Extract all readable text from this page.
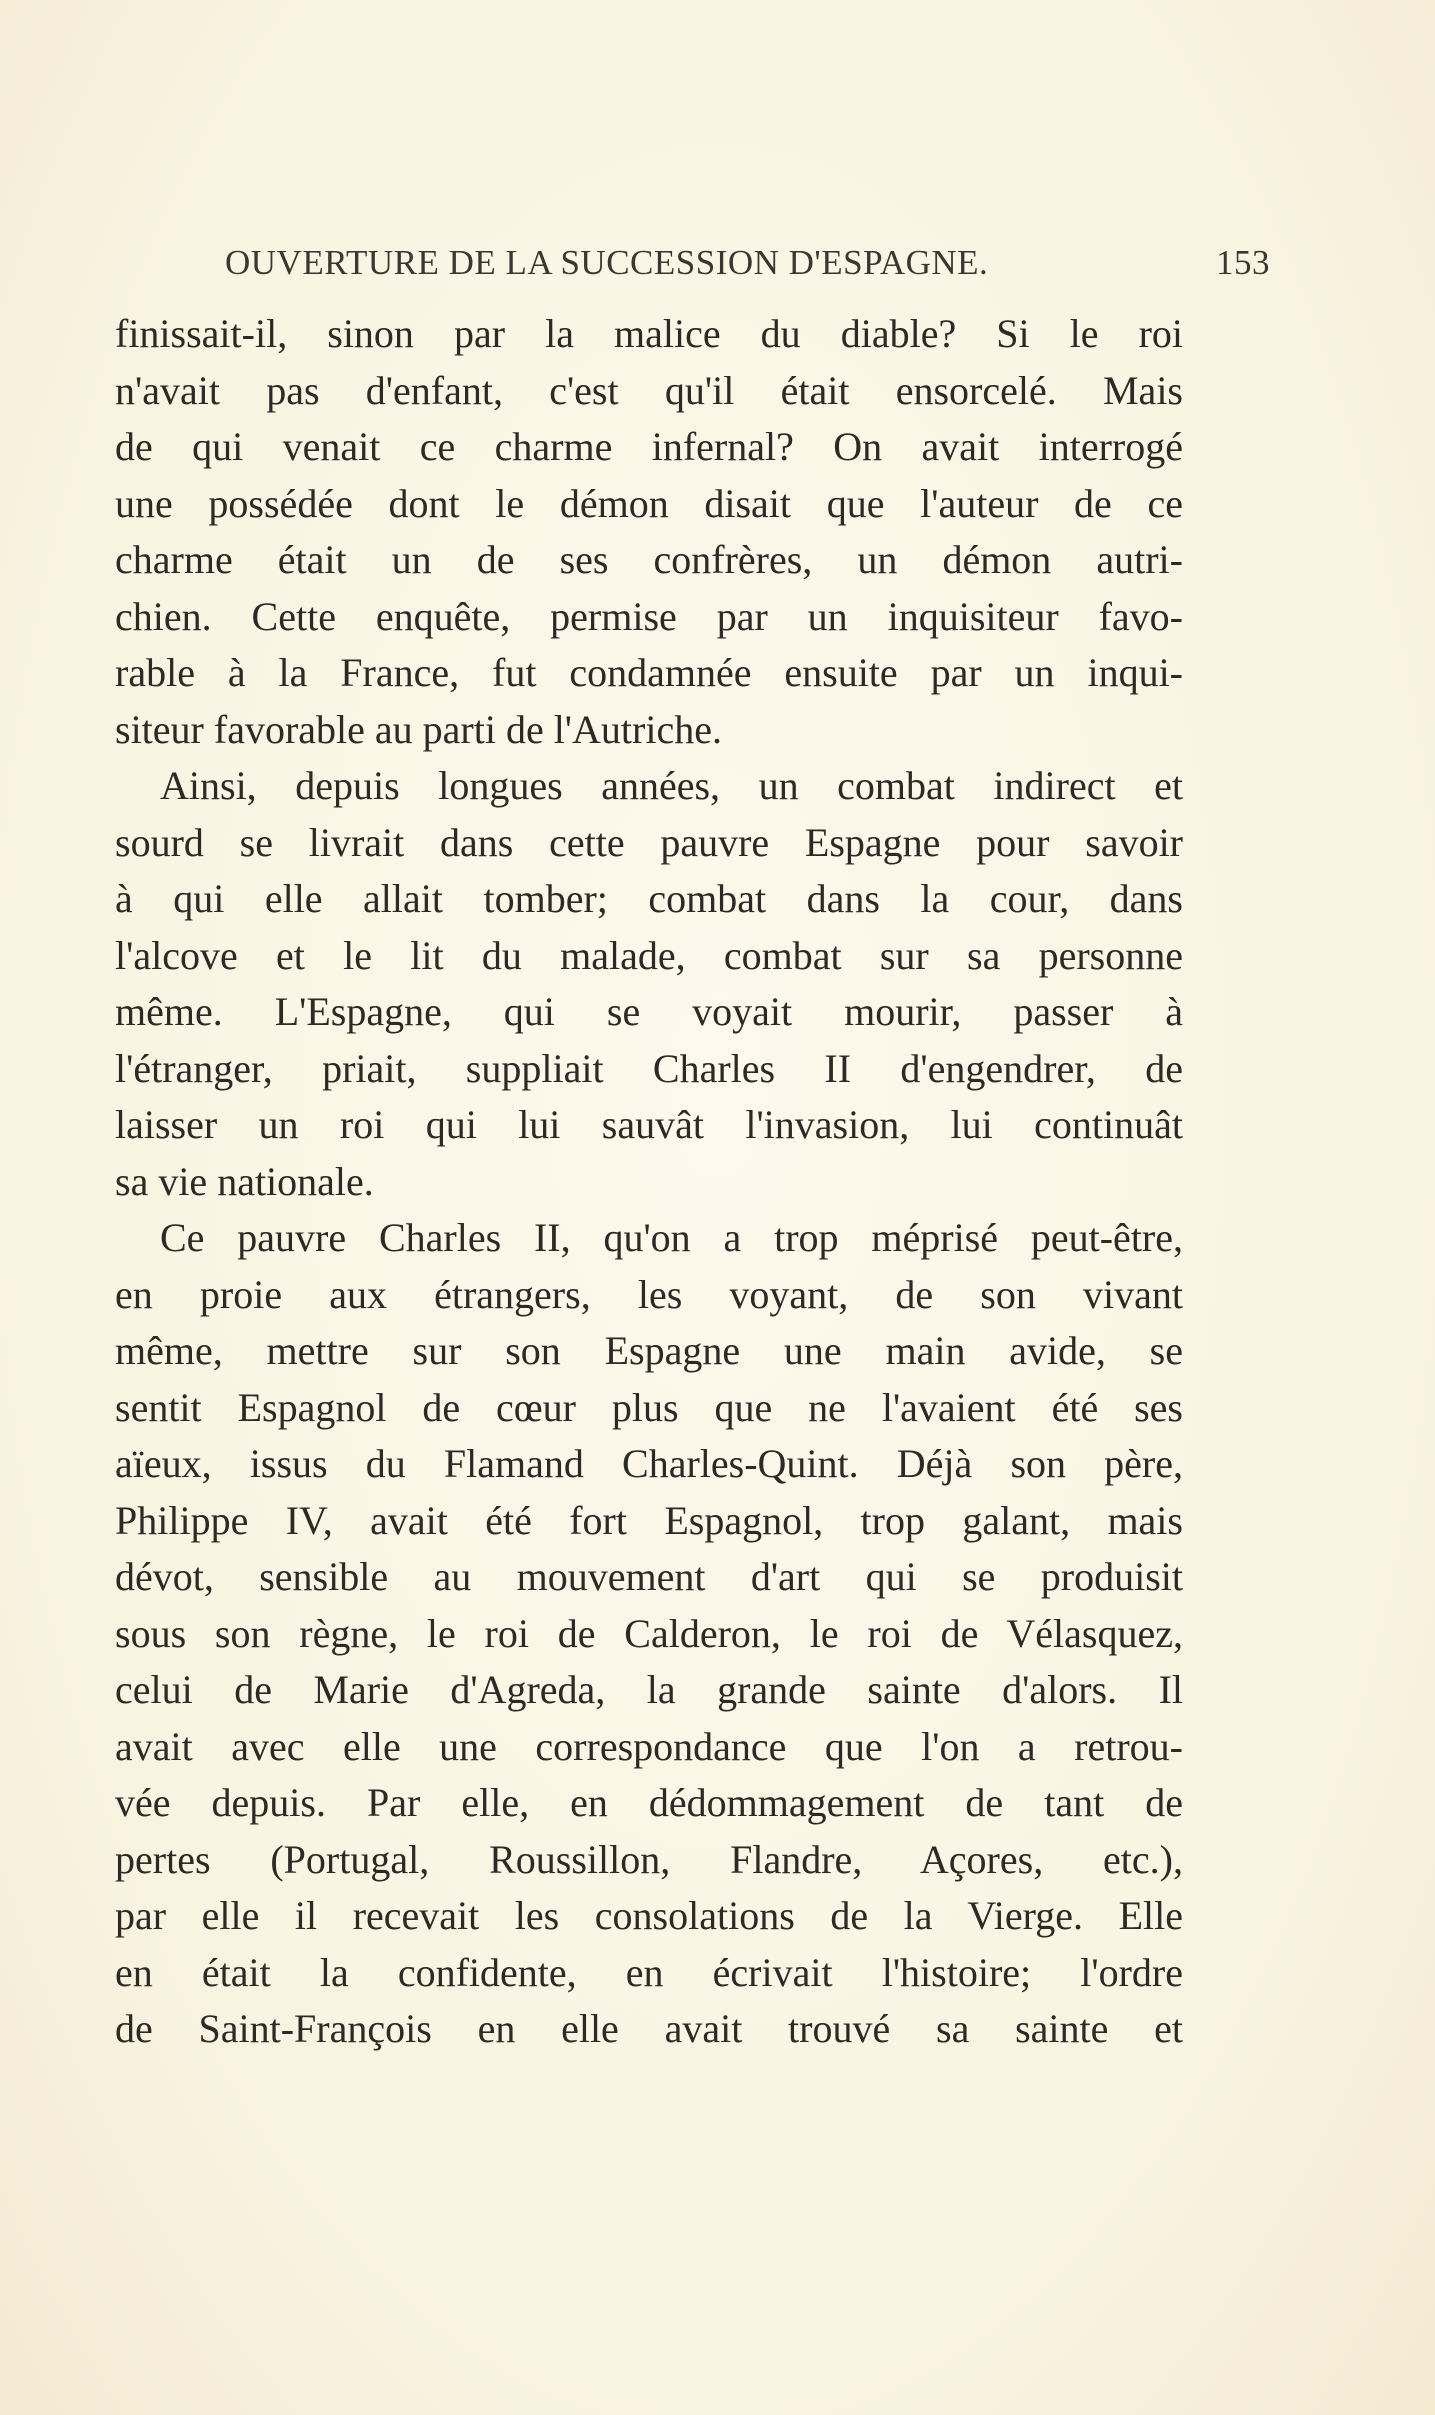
OUVERTURE DE LA SUCCESSION D'ESPAGNE.	153
finissait-il, sinon par la malice du diable? Si le roi
n'avait pas d'enfant, c'est qu'il était ensorcelé. Mais
de qui venait ce charme infernal? On avait interrogé
une possédée dont le démon disait que l'auteur de ce
charme était un de ses confrères, un démon autri-
chien. Cette enquête, permise par un inquisiteur favo-
rable à la France, fut condamnée ensuite par un inqui-
siteur favorable au parti de l'Autriche.
Ainsi, depuis longues années, un combat indirect et
sourd se livrait dans cette pauvre Espagne pour savoir
à qui elle allait tomber; combat dans la cour, dans
l'alcove et le lit du malade, combat sur sa personne
même. L'Espagne, qui se voyait mourir, passer à
l'étranger, priait, suppliait Charles II d'engendrer, de
laisser un roi qui lui sauvât l'invasion, lui continuât
sa vie nationale.
Ce pauvre Charles II, qu'on a trop méprisé peut-être,
en proie aux étrangers, les voyant, de son vivant
même, mettre sur son Espagne une main avide, se
sentit Espagnol de cœur plus que ne l'avaient été ses
aïeux, issus du Flamand Charles-Quint. Déjà son père,
Philippe IV, avait été fort Espagnol, trop galant, mais
dévot, sensible au mouvement d'art qui se produisit
sous son règne, le roi de Calderon, le roi de Vélasquez,
celui de Marie d'Agreda, la grande sainte d'alors. Il
avait avec elle une correspondance que l'on a retrou-
vée depuis. Par elle, en dédommagement de tant de
pertes (Portugal, Roussillon, Flandre, Açores, etc.),
par elle il recevait les consolations de la Vierge. Elle
en était la confidente, en écrivait l'histoire; l'ordre
de Saint-François en elle avait trouvé sa sainte et
